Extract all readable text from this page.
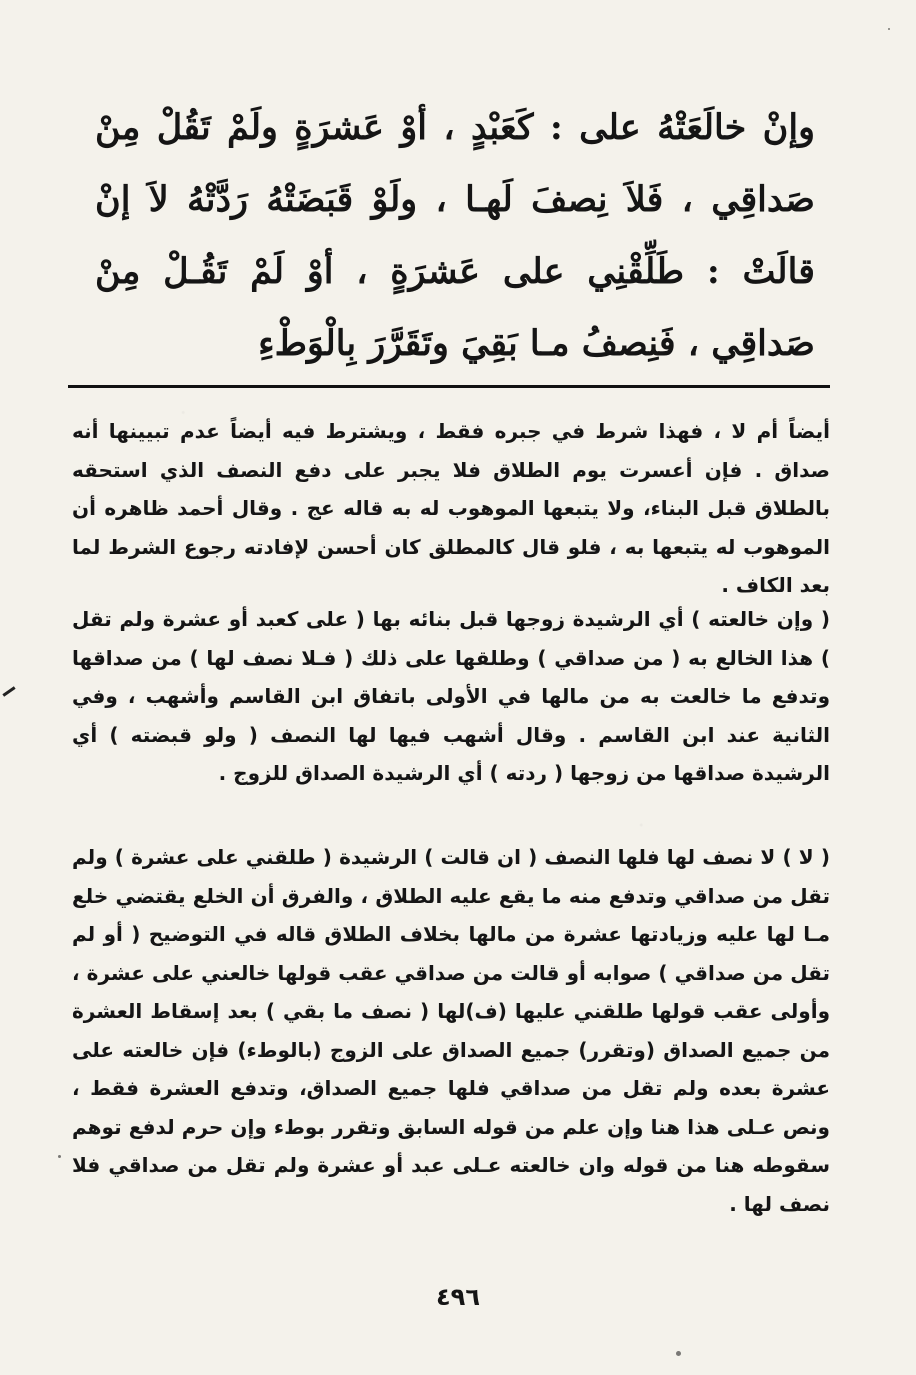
وإنْ خالَعَتْهُ على : كَعَبْدٍ ، أوْ عَشرَةٍ ولَمْ تَقُلْ مِنْ صَداقِي ، فَلاَ نِصفَ لَهـا ، ولَوْ قَبَضَتْهُ رَدَّتْهُ لاَ إنْ قالَتْ : طَلِّقْنِي على عَشرَةٍ ، أوْ لَمْ تَقُـلْ مِنْ صَداقِي ، فَنِصفُ مـا بَقِيَ وتَقَرَّرَ بِالْوَطْءِ

أيضاً أم لا ، فهذا شرط في جبره فقط ، ويشترط فيه أيضاً عدم تبيينها أنه صداق . فإن أعسرت يوم الطلاق فلا يجبر على دفع النصف الذي استحقه بالطلاق قبل البناء، ولا يتبعها الموهوب له به قاله عج . وقال أحمد ظاهره أن الموهوب له يتبعها به ، فلو قال كالمطلق كان أحسن لإفادته رجوع الشرط لما بعد الكاف .

( وإن خالعته ) أي الرشيدة زوجها قبل بنائه بها ( على كعبد أو عشرة ولم تقل ) هذا الخالع به ( من صداقي ) وطلقها على ذلك ( فـلا نصف لها ) من صداقها وتدفع ما خالعت به من مالها في الأولى باتفاق ابن القاسم وأشهب ، وفي الثانية عند ابن القاسم . وقال أشهب فيها لها النصف ( ولو قبضته ) أي الرشيدة صداقها من زوجها ( ردته ) أي الرشيدة الصداق للزوج .

( لا ) لا نصف لها فلها النصف ( ان قالت ) الرشيدة ( طلقني على عشرة ) ولم تقل من صداقي وتدفع منه ما يقع عليه الطلاق ، والفرق أن الخلع يقتضي خلع مـا لها عليه وزيادتها عشرة من مالها بخلاف الطلاق قاله في التوضيح ( أو لم تقل من صداقي ) صوابه أو قالت من صداقي عقب قولها خالعني على عشرة ، وأولى عقب قولها طلقني عليها (ف)لها ( نصف ما بقي ) بعد إسقاط العشرة من جميع الصداق (وتقرر) جميع الصداق على الزوج (بالوطء) فإن خالعته على عشرة بعده ولم تقل من صداقي فلها جميع الصداق، وتدفع العشرة فقط ، ونص عـلى هذا هنا وإن علم من قوله السابق وتقرر بوطء وإن حرم لدفع توهم سقوطه هنا من قوله وان خالعته عـلى عبد أو عشرة ولم تقل من صداقي فلا نصف لها .

٤٩٦
